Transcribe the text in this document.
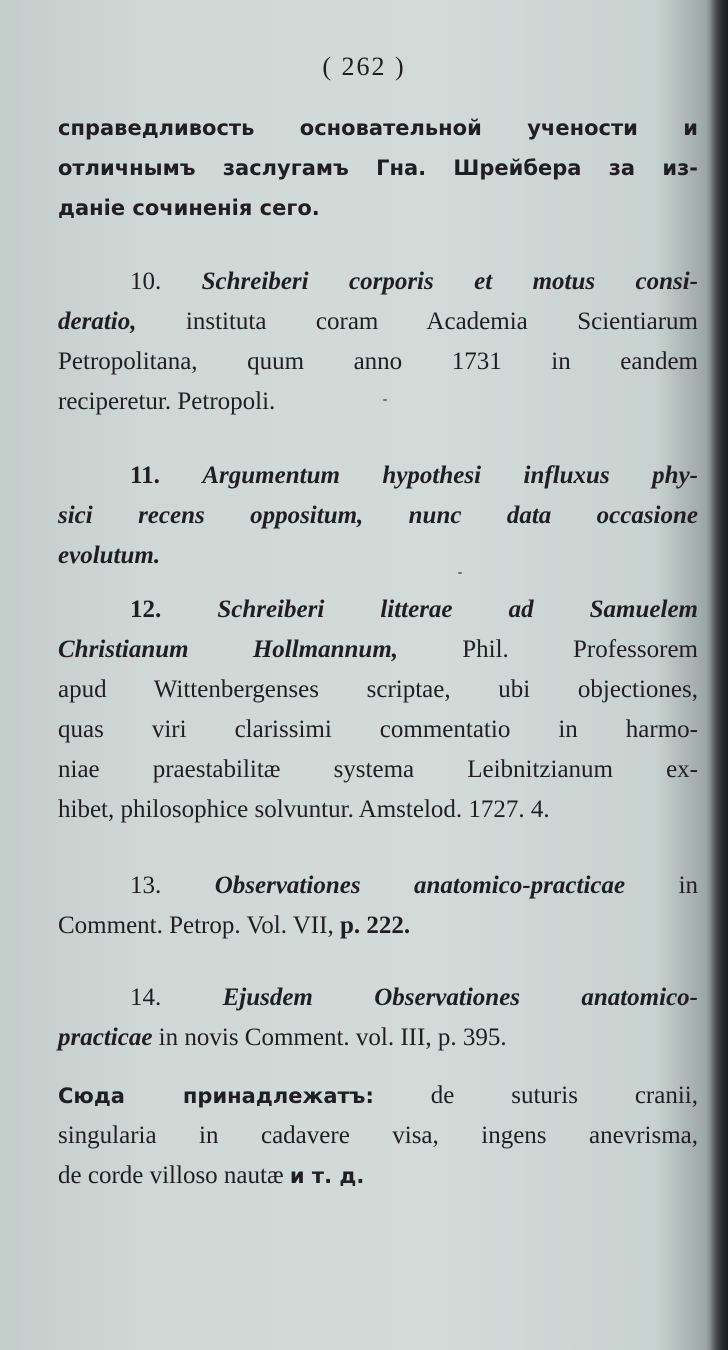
( 262 )
справедливость основательной учености и
отличнымъ заслугамъ Гна. Шрейбера за из-
даніе сочиненія сего.
10. Schreiberi corporis et motus consi-
deratio, instituta coram Academia Scientiarum
Petropolitana, quum anno 1731 in eandem
reciperetur. Petropoli.
11. Argumentum hypothesi influxus phy-
sici recens oppositum, nunc data occasione
evolutum.
12. Schreiberi litterae ad Samuelem
Christianum Hollmannum,	Phil. Professorem
apud Wittenbergenses scriptae, ubi objectiones,
quas viri clarissimi commentatio in harmo-
niae praestabilitæ systema Leibnitzianum ex-
hibet, philosophice solvuntur. Amstelod. 1727. 4.
13. Observationes anatomico-practicae in
Comment. Petrop. Vol. VII, p. 222.
14. Ejusdem Observationes anatomico-
practicae in novis Comment. vol. III, p. 395.
Сюда принадлежатъ: de suturis cranii,
singularia in cadavere visa, ingens anevrisma,
de corde villoso nautæ и т. д.
